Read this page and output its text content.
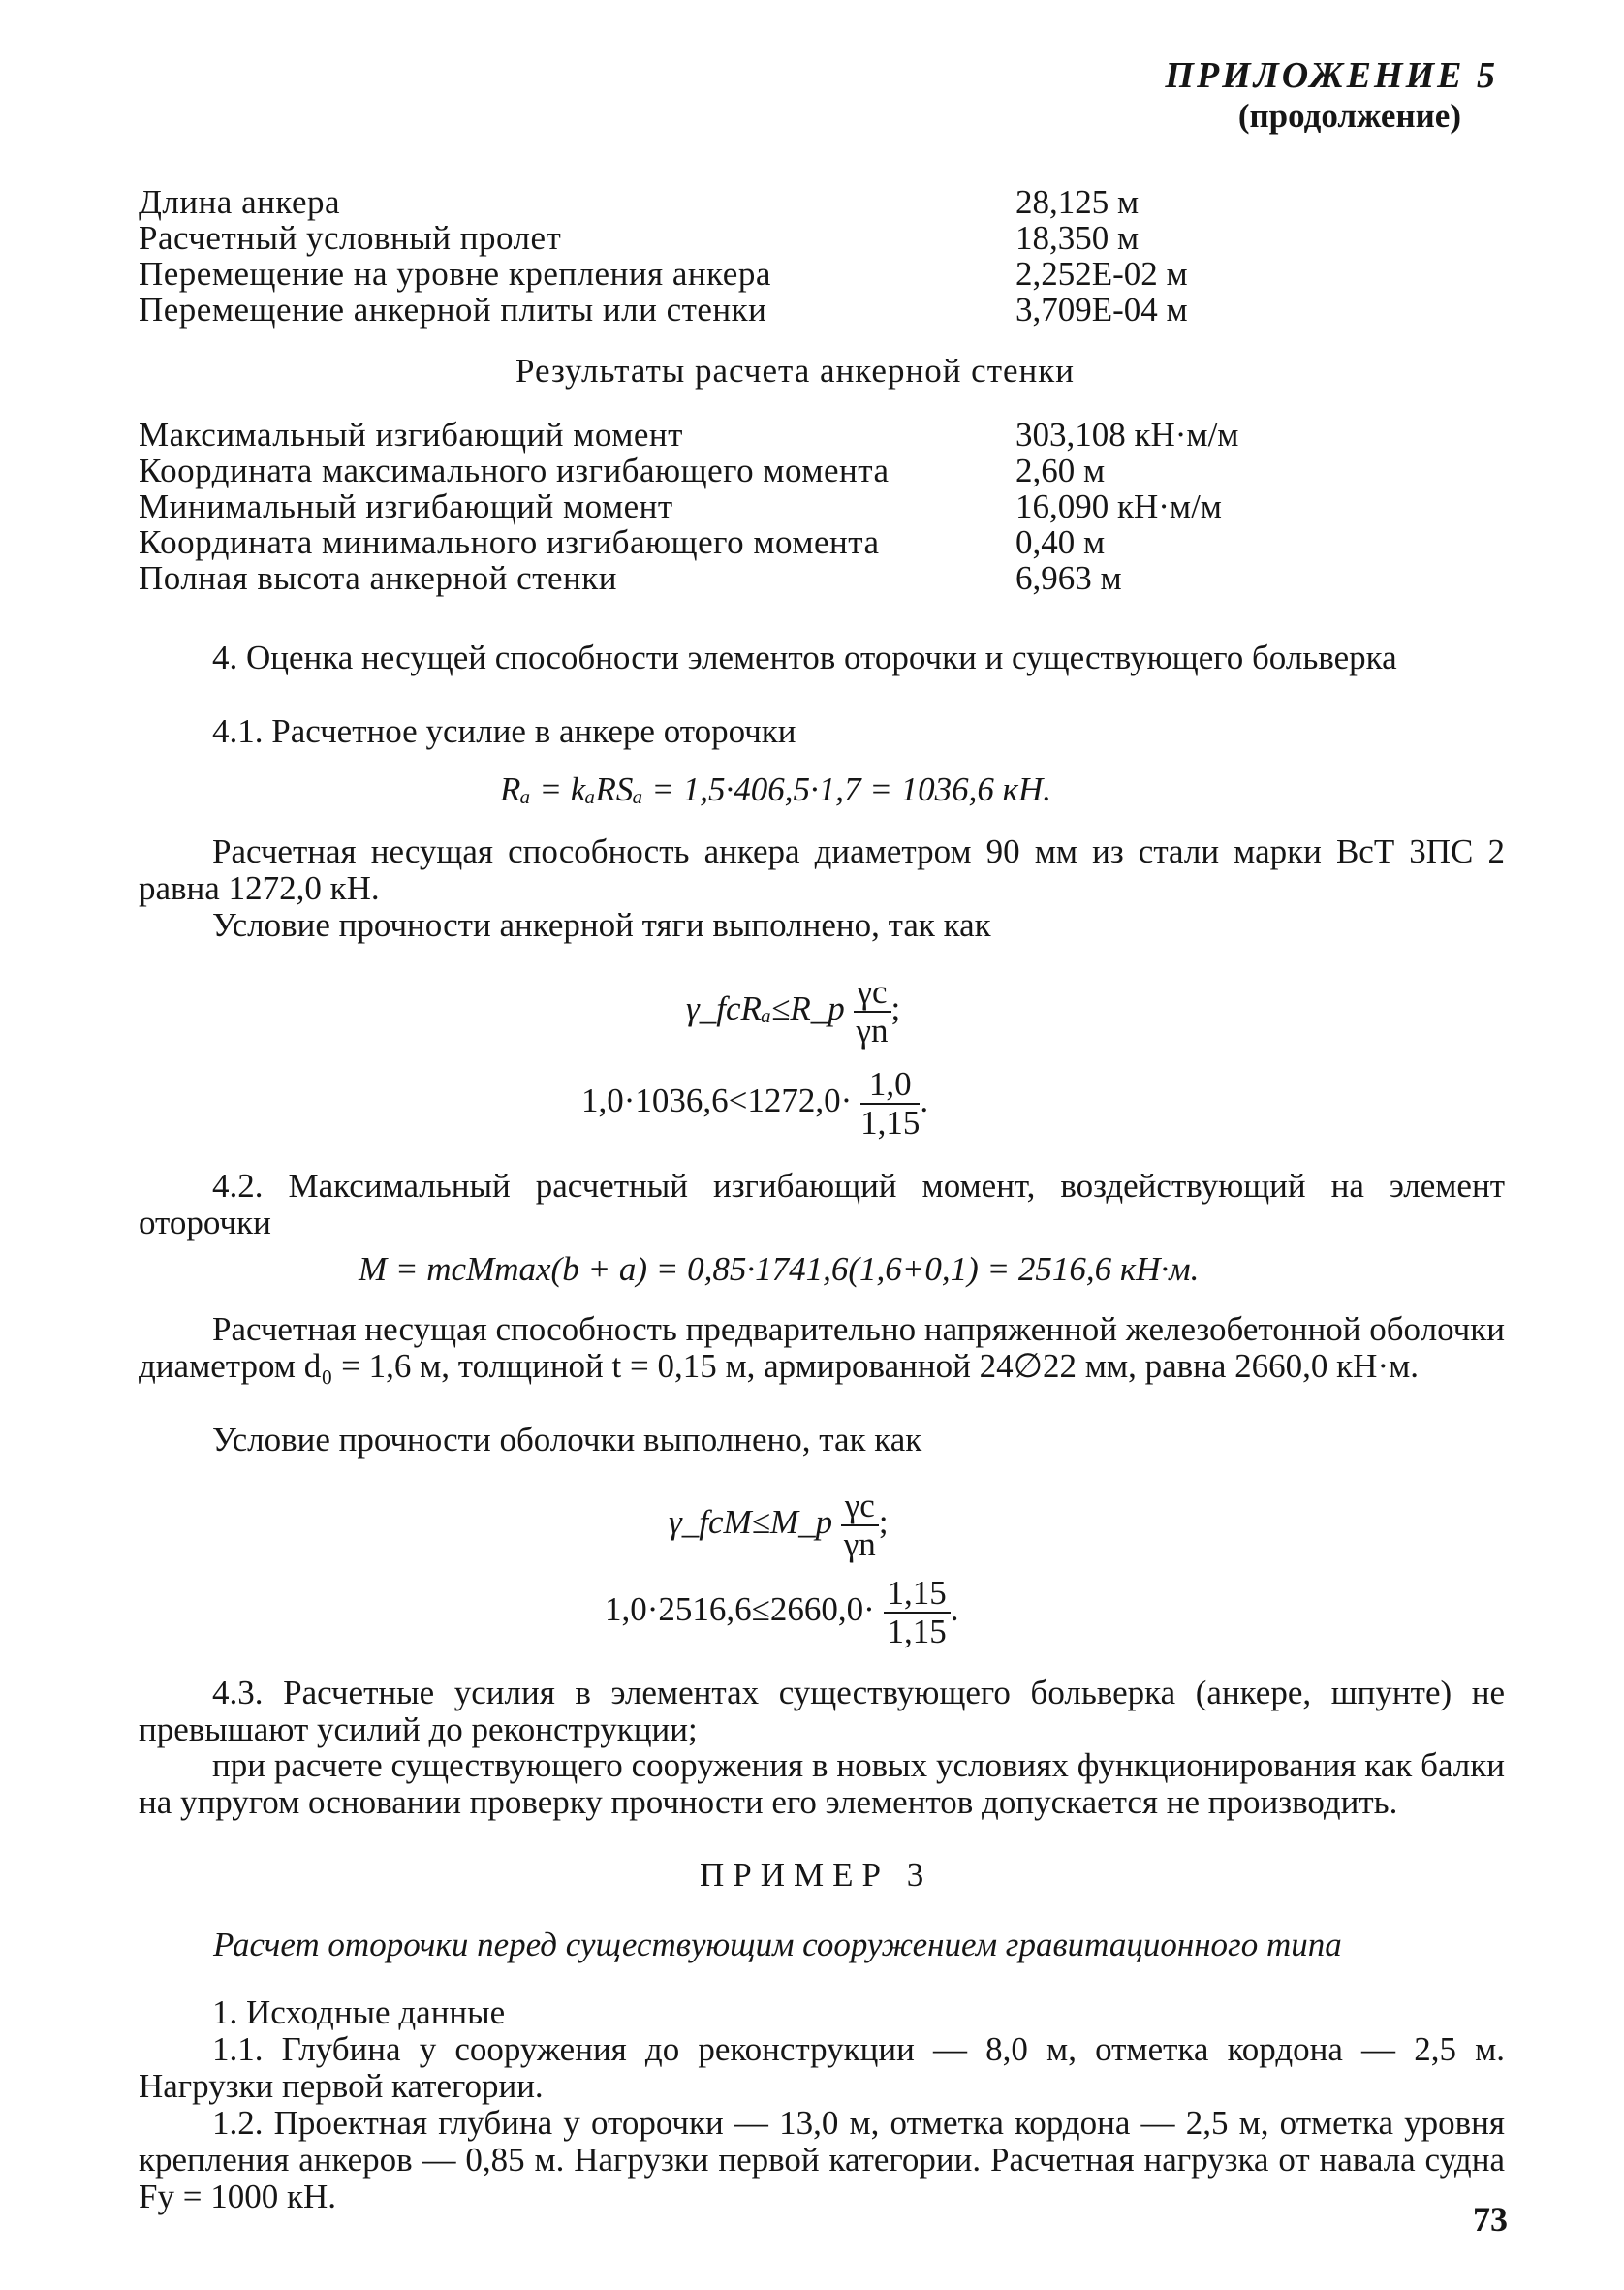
ПРИЛОЖЕНИЕ 5
(продолжение)
Длина анкера	28,125 м
Расчетный условный пролет	18,350 м
Перемещение на уровне крепления анкера	2,252E-02 м
Перемещение анкерной плиты или стенки	3,709E-04 м
Результаты расчета анкерной стенки
Максимальный изгибающий момент	303,108 кН·м/м
Координата максимального изгибающего момента	2,60 м
Минимальный изгибающий момент	16,090 кН·м/м
Координата минимального изгибающего момента	0,40 м
Полная высота анкерной стенки	6,963 м
4. Оценка несущей способности элементов оторочки и существующего больверка
4.1. Расчетное усилие в анкере оторочки
Rₐ = kₐRSₐ = 1,5·406,5·1,7 = 1036,6 кН.
Расчетная несущая способность анкера диаметром 90 мм из стали марки ВсТ 3ПС 2 равна 1272,0 кН.
Условие прочности анкерной тяги выполнено, так как
γ_fcRₐ≤R_p $\frac{\gamma c}{\gamma n}$ ;
$1,0\cdot 1036,6<1272,0\cdot \frac{1,0}{1,15}$ .
4.2. Максимальный расчетный изгибающий момент, воздействующий на элемент оторочки
M = mcMmax(b + a) = 0,85·1741,6(1,6+0,1) = 2516,6 кН·м.
Расчетная несущая способность предварительно напряженной железобетонной оболочки диаметром d₀ = 1,6 м, толщиной t = 0,15 м, армированной 24∅22 мм, равна 2660,0 кН·м.
Условие прочности оболочки выполнено, так как
γ_fcM≤M_p $\frac{\gamma c}{\gamma n}$ ;
$1,0\cdot 2516,6\le 2660,0\cdot \frac{1,15}{1,15}$ .
4.3. Расчетные усилия в элементах существующего больверка (анкере, шпунте) не превышают усилий до реконструкции;
при расчете существующего сооружения в новых условиях функционирования как балки на упругом основании проверку прочности его элементов допускается не производить.
ПРИМЕР 3
Расчет оторочки перед существующим сооружением гравитационного типа
1. Исходные данные
1.1. Глубина у сооружения до реконструкции — 8,0 м, отметка кордона — 2,5 м. Нагрузки первой категории.
1.2. Проектная глубина у оторочки — 13,0 м, отметка кордона — 2,5 м, отметка уровня крепления анкеров — 0,85 м. Нагрузки первой категории. Расчетная нагрузка от навала судна Fy = 1000 кН.
73
